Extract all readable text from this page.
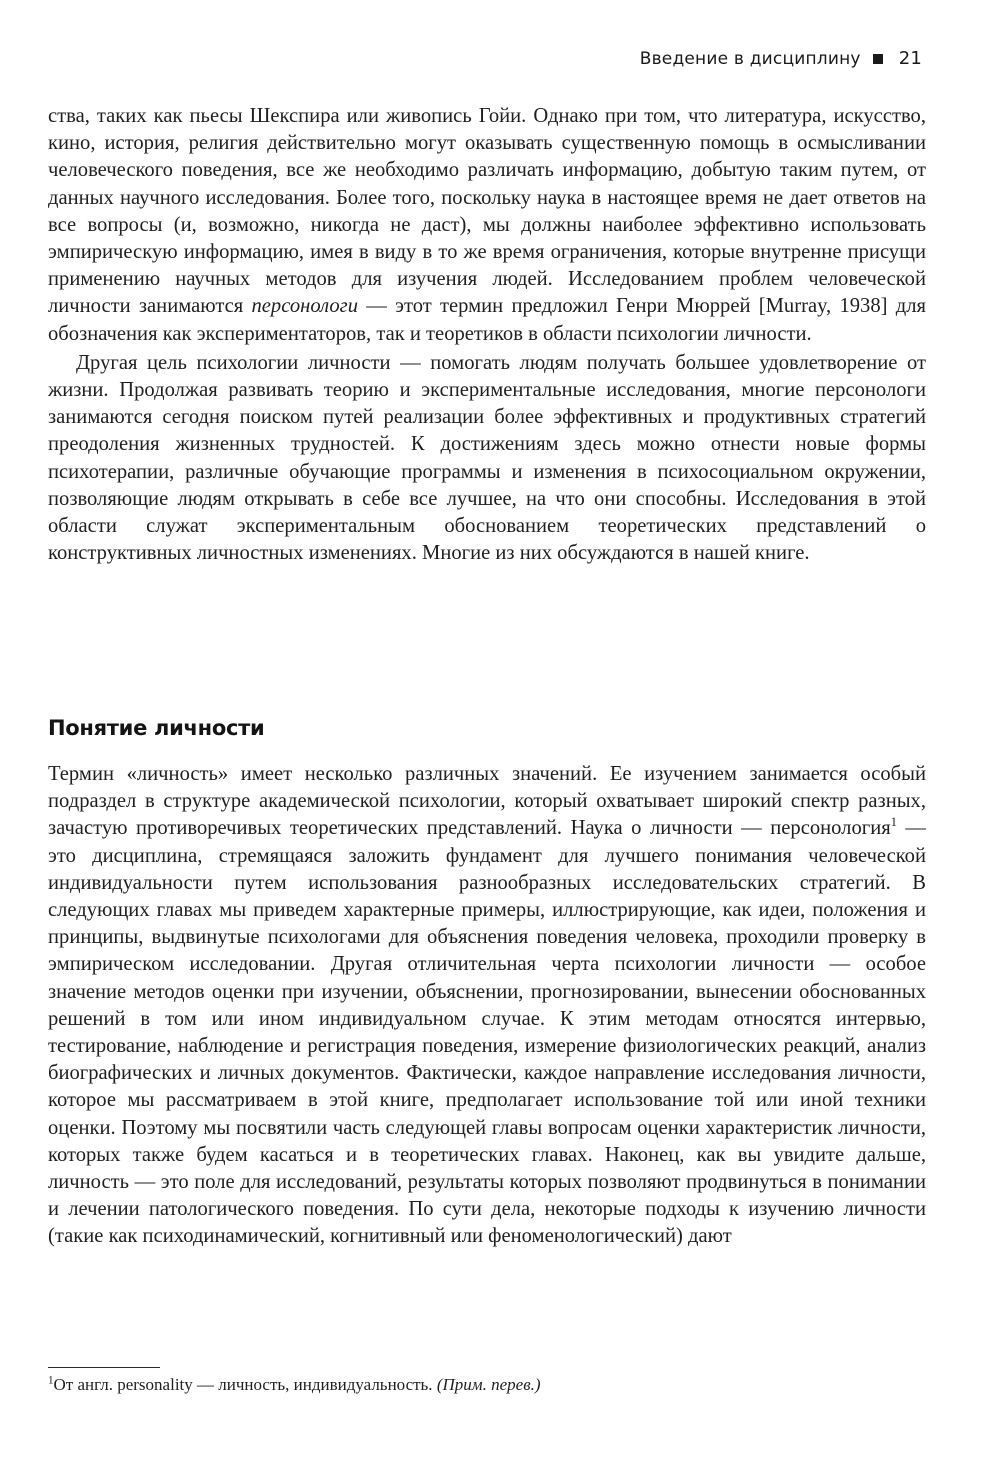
Введение в дисциплину 21

ства, таких как пьесы Шекспира или живопись Гойи. Однако при том, что литература, искусство, кино, история, религия действительно могут оказывать существенную помощь в осмысливании человеческого поведения, все же необходимо различать информацию, добытую таким путем, от данных научного исследования. Более того, поскольку наука в настоящее время не дает ответов на все вопросы (и, возможно, никогда не даст), мы должны наиболее эффективно использовать эмпирическую информацию, имея в виду в то же время ограничения, которые внутренне присущи применению научных методов для изучения людей. Исследованием проблем человеческой личности занимаются персонологи — этот термин предложил Генри Мюррей [Murray, 1938] для обозначения как экспериментаторов, так и теоретиков в области психологии личности.

Другая цель психологии личности — помогать людям получать большее удовлетворение от жизни. Продолжая развивать теорию и экспериментальные исследования, многие персонологи занимаются сегодня поиском путей реализации более эффективных и продуктивных стратегий преодоления жизненных трудностей. К достижениям здесь можно отнести новые формы психотерапии, различные обучающие программы и изменения в психосоциальном окружении, позволяющие людям открывать в себе все лучшее, на что они способны. Исследования в этой области служат экспериментальным обоснованием теоретических представлений о конструктивных личностных изменениях. Многие из них обсуждаются в нашей книге.

Понятие личности

Термин «личность» имеет несколько различных значений. Ее изучением занимается особый подраздел в структуре академической психологии, который охватывает широкий спектр разных, зачастую противоречивых теоретических представлений. Наука о личности — персонология$^1$ — это дисциплина, стремящаяся заложить фундамент для лучшего понимания человеческой индивидуальности путем использования разнообразных исследовательских стратегий. В следующих главах мы приведем характерные примеры, иллюстрирующие, как идеи, положения и принципы, выдвинутые психологами для объяснения поведения человека, проходили проверку в эмпирическом исследовании. Другая отличительная черта психологии личности — особое значение методов оценки при изучении, объяснении, прогнозировании, вынесении обоснованных решений в том или ином индивидуальном случае. К этим методам относятся интервью, тестирование, наблюдение и регистрация поведения, измерение физиологических реакций, анализ биографических и личных документов. Фактически, каждое направление исследования личности, которое мы рассматриваем в этой книге, предполагает использование той или иной техники оценки. Поэтому мы посвятили часть следующей главы вопросам оценки характеристик личности, которых также будем касаться и в теоретических главах. Наконец, как вы увидите дальше, личность — это поле для исследований, результаты которых позволяют продвинуться в понимании и лечении патологического поведения. По сути дела, некоторые подходы к изучению личности (такие как психодинамический, когнитивный или феноменологический) дают

$^1$От англ. personality — личность, индивидуальность. (Прим. перев.)
